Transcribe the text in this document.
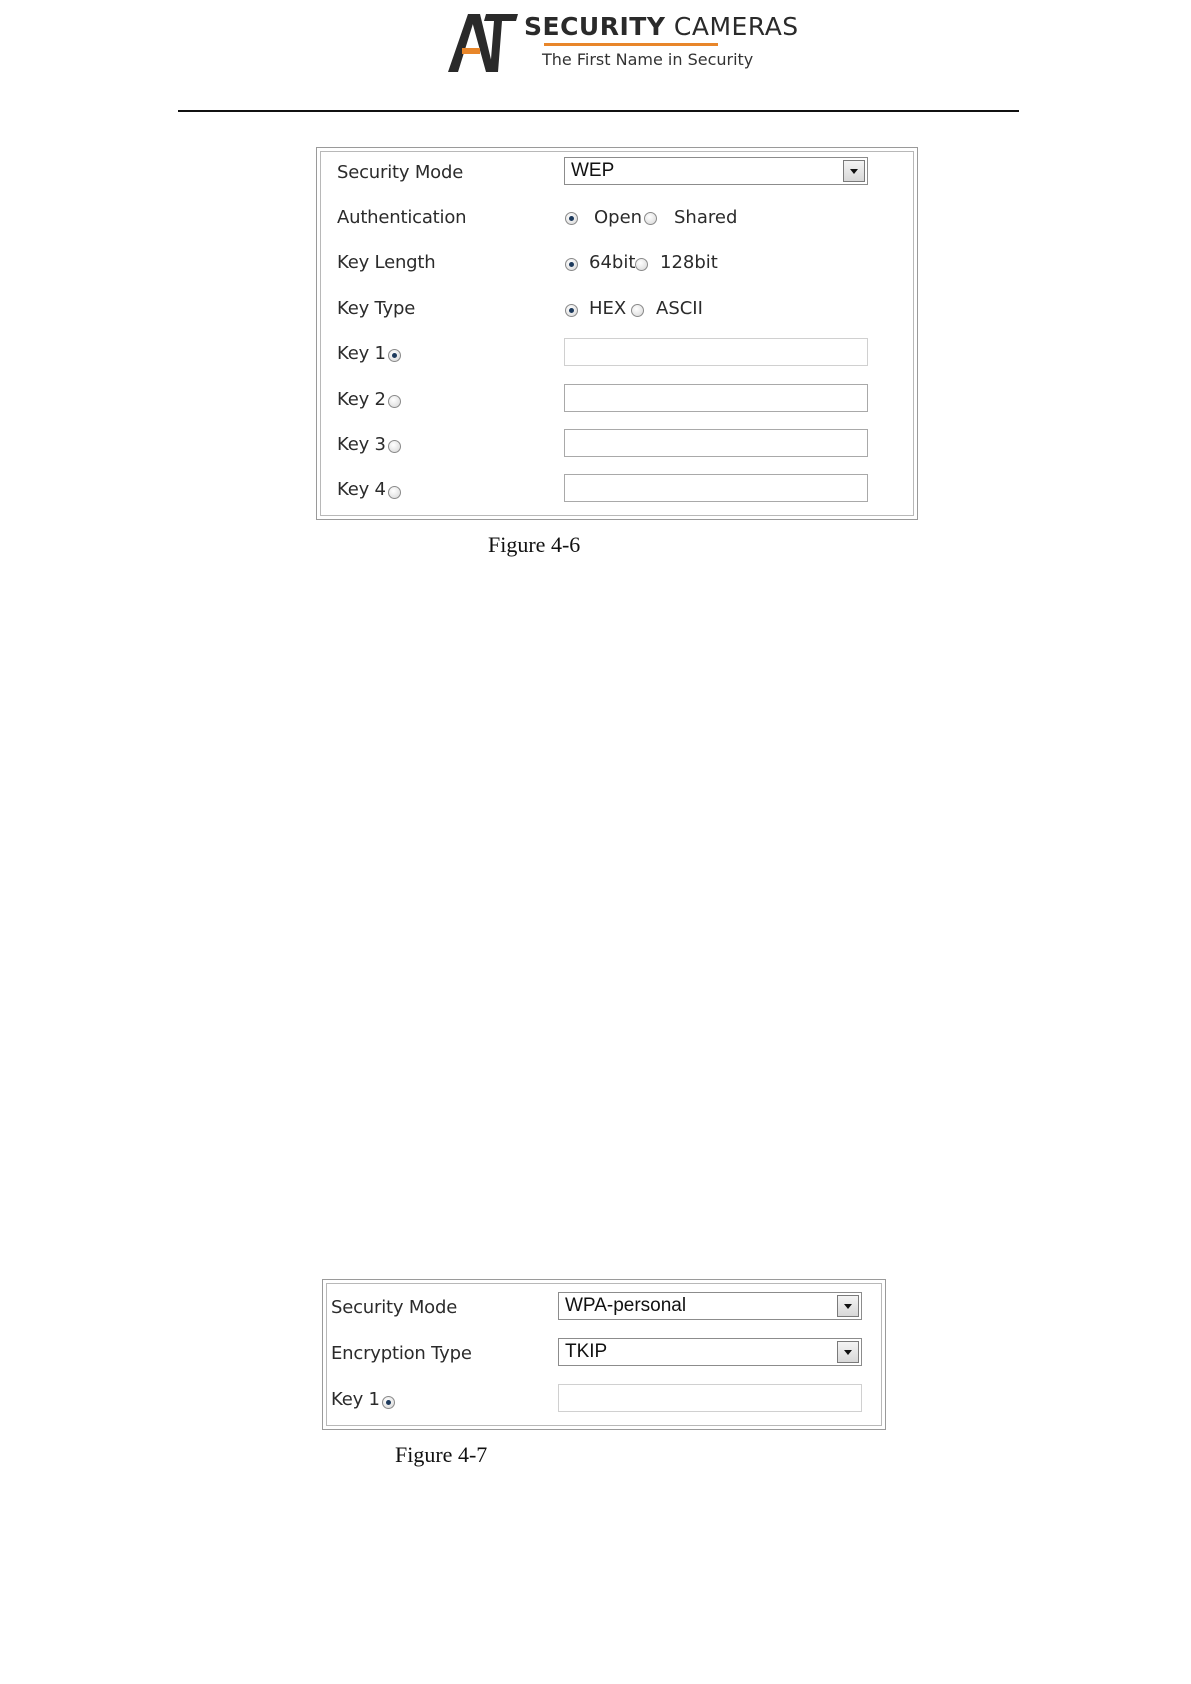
SECURITY CAMERAS
The First Name in Security
Security Mode	WEP
Authentication	Open Shared
Key Length	64bit 128bit
Key Type	HEX ASCII
Key 1
Key 2
Key 3
Key 4
Figure 4-6
Security Mode	WPA-personal
Encryption Type	TKIP
Key 1
Figure 4-7
